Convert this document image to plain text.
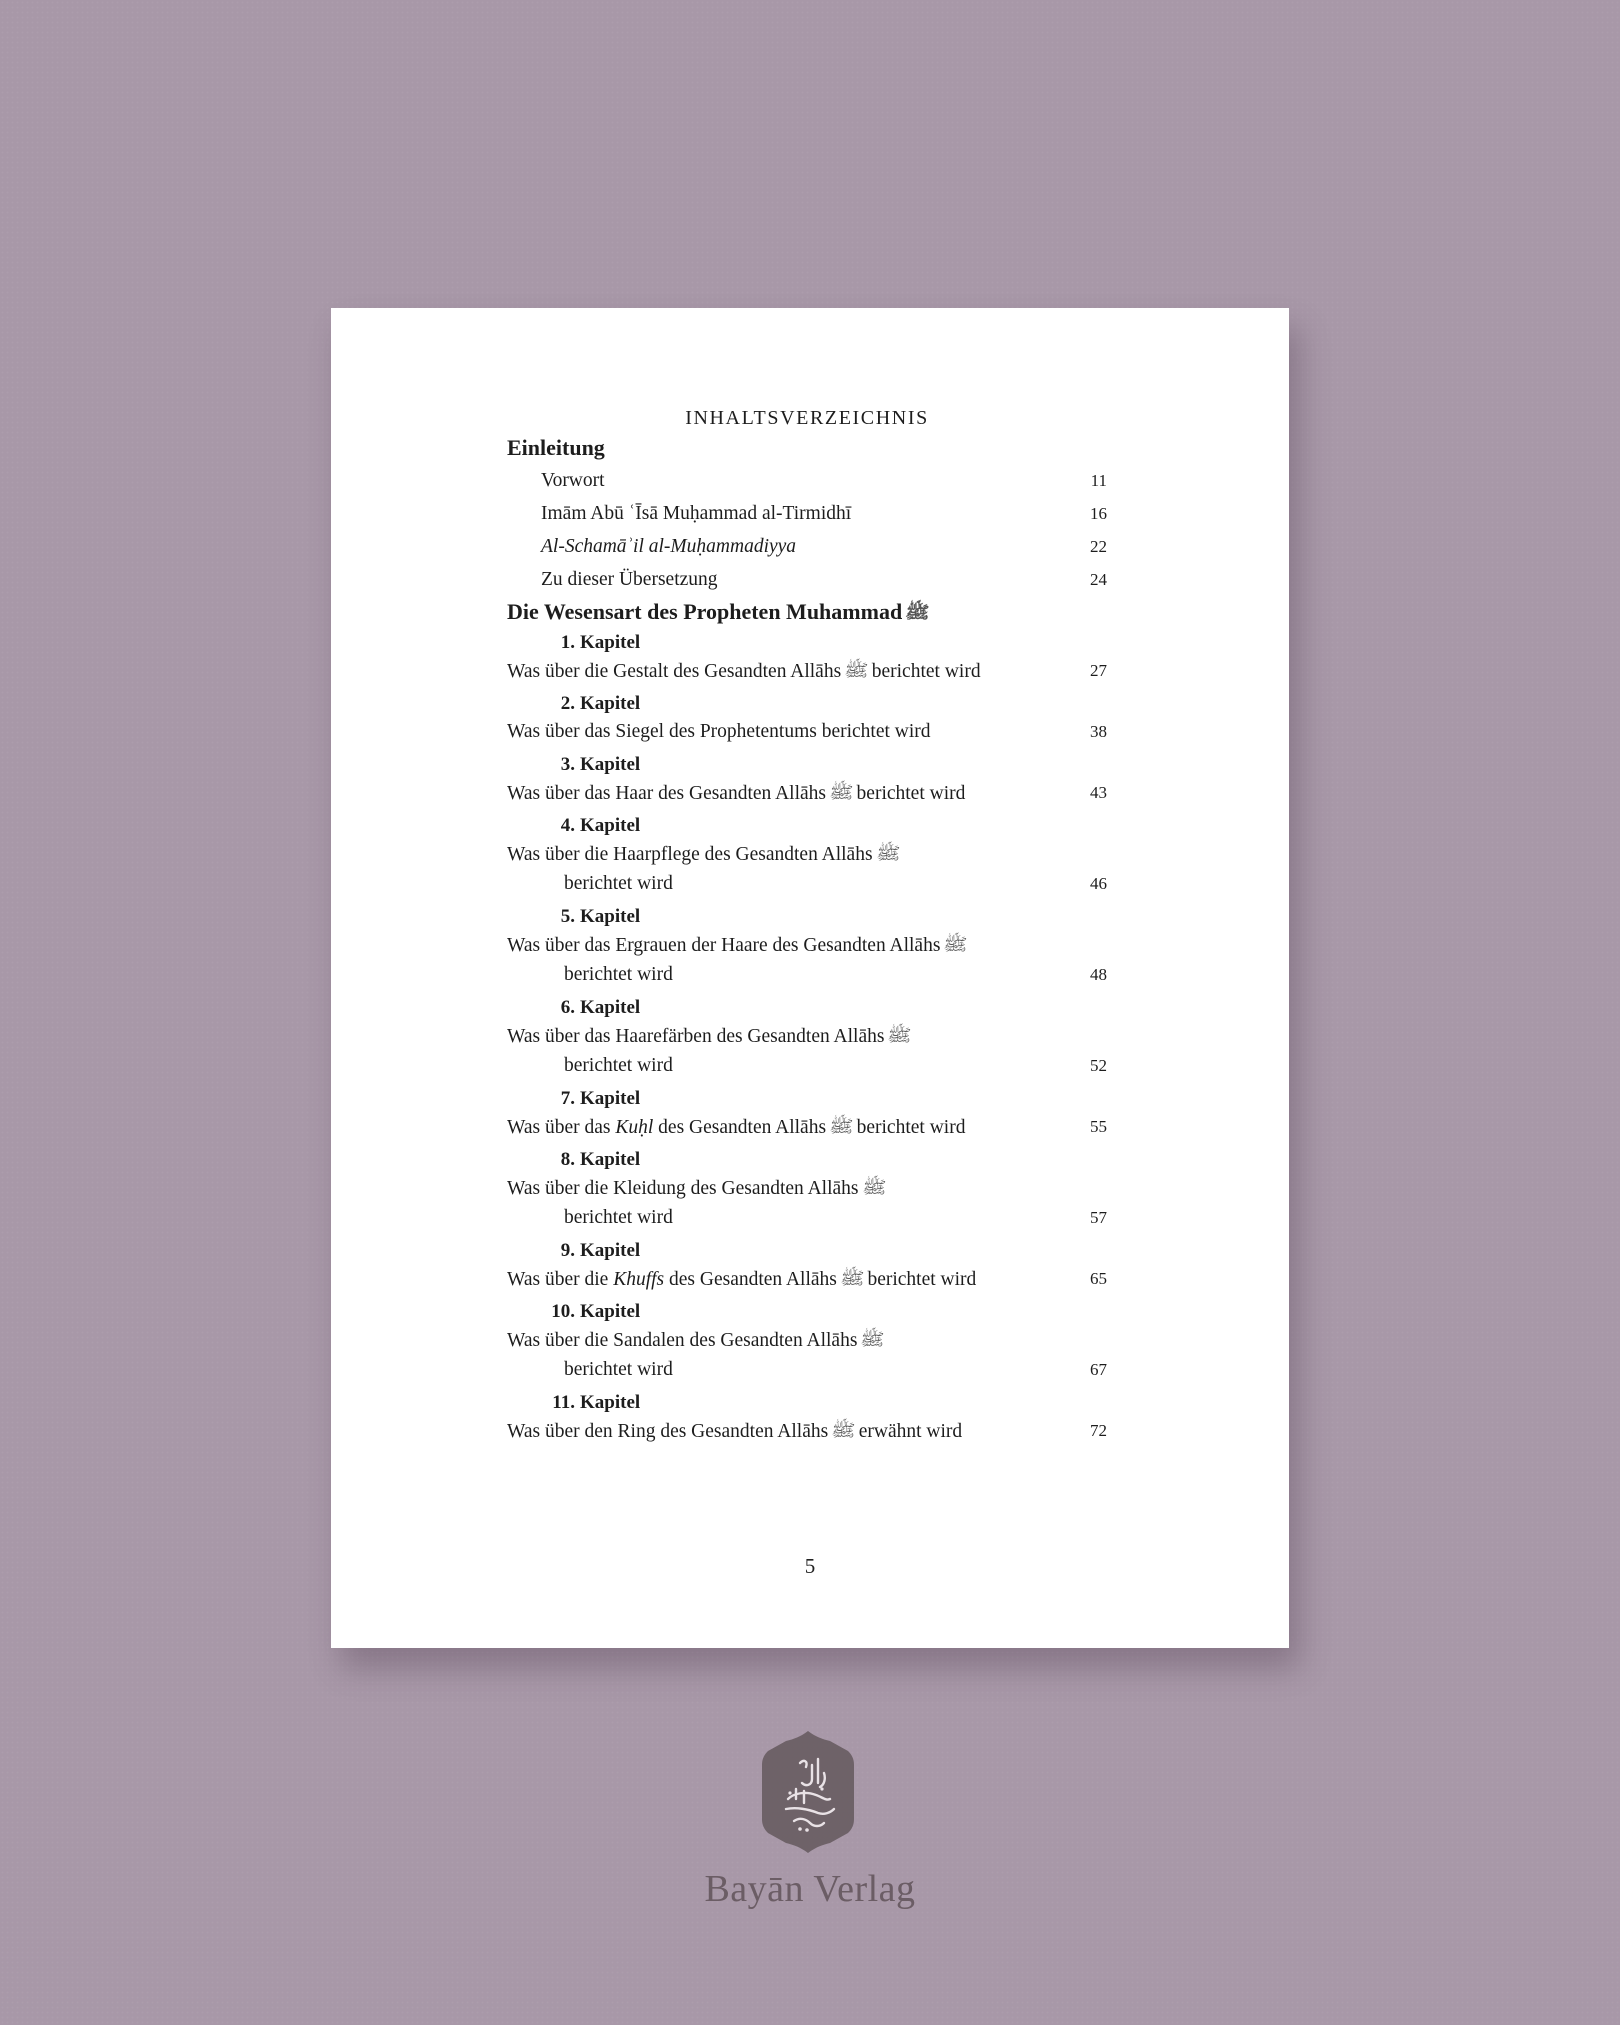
INHALTSVERZEICHNIS
Einleitung
Vorwort	11
Imām Abū ʿĪsā Muḥammad al-Tirmidhī	16
Al-Schamāʾil al-Muḥammadiyya	22
Zu dieser Übersetzung	24
Die Wesensart des Propheten Muhammad ﷺ
1. Kapitel
Was über die Gestalt des Gesandten Allāhs ﷺ berichtet wird	27
2. Kapitel
Was über das Siegel des Prophetentums berichtet wird	38
3. Kapitel
Was über das Haar des Gesandten Allāhs ﷺ berichtet wird	43
4. Kapitel
Was über die Haarpflege des Gesandten Allāhs ﷺ
berichtet wird	46
5. Kapitel
Was über das Ergrauen der Haare des Gesandten Allāhs ﷺ
berichtet wird	48
6. Kapitel
Was über das Haarefärben des Gesandten Allāhs ﷺ
berichtet wird	52
7. Kapitel
Was über das Kuḥl des Gesandten Allāhs ﷺ berichtet wird	55
8. Kapitel
Was über die Kleidung des Gesandten Allāhs ﷺ
berichtet wird	57
9. Kapitel
Was über die Khuffs des Gesandten Allāhs ﷺ berichtet wird	65
10. Kapitel
Was über die Sandalen des Gesandten Allāhs ﷺ
berichtet wird	67
11. Kapitel
Was über den Ring des Gesandten Allāhs ﷺ erwähnt wird	72
5
Bayān Verlag
